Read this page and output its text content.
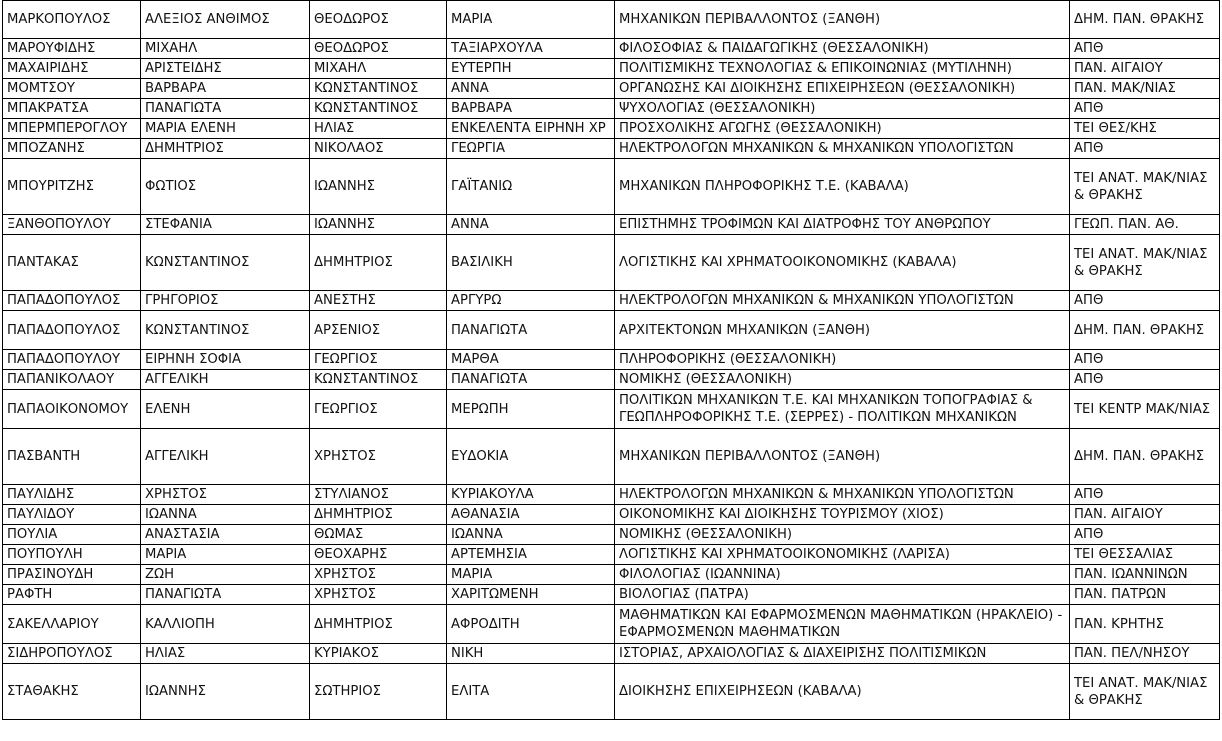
ΜΑΡΚΟΠΟΥΛΟΣ	ΑΛΕΞΙΟΣ ΑΝΘΙΜΟΣ	ΘΕΟΔΩΡΟΣ	ΜΑΡΙΑ	ΜΗΧΑΝΙΚΩΝ ΠΕΡΙΒΑΛΛΟΝΤΟΣ (ΞΑΝΘΗ)	ΔΗΜ. ΠΑΝ. ΘΡΑΚΗΣ
ΜΑΡΟΥΦΙΔΗΣ	ΜΙΧΑΗΛ	ΘΕΟΔΩΡΟΣ	ΤΑΞΙΑΡΧΟΥΛΑ	ΦΙΛΟΣΟΦΙΑΣ & ΠΑΙΔΑΓΩΓΙΚΗΣ (ΘΕΣΣΑΛΟΝΙΚΗ)	ΑΠΘ
ΜΑΧΑΙΡΙΔΗΣ	ΑΡΙΣΤΕΙΔΗΣ	ΜΙΧΑΗΛ	ΕΥΤΕΡΠΗ	ΠΟΛΙΤΙΣΜΙΚΗΣ ΤΕΧΝΟΛΟΓΙΑΣ & ΕΠΙΚΟΙΝΩΝΙΑΣ (ΜΥΤΙΛΗΝΗ)	ΠΑΝ. ΑΙΓΑΙΟΥ
ΜΟΜΤΣΟΥ	ΒΑΡΒΑΡΑ	ΚΩΝΣΤΑΝΤΙΝΟΣ	ΑΝΝΑ	ΟΡΓΑΝΩΣΗΣ ΚΑΙ ΔΙΟΙΚΗΣΗΣ ΕΠΙΧΕΙΡΗΣΕΩΝ (ΘΕΣΣΑΛΟΝΙΚΗ)	ΠΑΝ. ΜΑΚ/ΝΙΑΣ
ΜΠΑΚΡΑΤΣΑ	ΠΑΝΑΓΙΩΤΑ	ΚΩΝΣΤΑΝΤΙΝΟΣ	ΒΑΡΒΑΡΑ	ΨΥΧΟΛΟΓΙΑΣ (ΘΕΣΣΑΛΟΝΙΚΗ)	ΑΠΘ
ΜΠΕΡΜΠΕΡΟΓΛΟΥ	ΜΑΡΙΑ ΕΛΕΝΗ	ΗΛΙΑΣ	ΕΝΚΕΛΕΝΤΑ ΕΙΡΗΝΗ ΧΡ	ΠΡΟΣΧΟΛΙΚΗΣ ΑΓΩΓΗΣ (ΘΕΣΣΑΛΟΝΙΚΗ)	ΤΕΙ ΘΕΣ/ΚΗΣ
ΜΠΟΖΑΝΗΣ	ΔΗΜΗΤΡΙΟΣ	ΝΙΚΟΛΑΟΣ	ΓΕΩΡΓΙΑ	ΗΛΕΚΤΡΟΛΟΓΩΝ ΜΗΧΑΝΙΚΩΝ & ΜΗΧΑΝΙΚΩΝ ΥΠΟΛΟΓΙΣΤΩΝ	ΑΠΘ
ΜΠΟΥΡΙΤΖΗΣ	ΦΩΤΙΟΣ	ΙΩΑΝΝΗΣ	ΓΑΪΤΑΝΙΩ	ΜΗΧΑΝΙΚΩΝ ΠΛΗΡΟΦΟΡΙΚΗΣ Τ.Ε. (ΚΑΒΑΛΑ)	ΤΕΙ ΑΝΑΤ. ΜΑΚ/ΝΙΑΣ & ΘΡΑΚΗΣ
ΞΑΝΘΟΠΟΥΛΟΥ	ΣΤΕΦΑΝΙΑ	ΙΩΑΝΝΗΣ	ΑΝΝΑ	ΕΠΙΣΤΗΜΗΣ ΤΡΟΦΙΜΩΝ ΚΑΙ ΔΙΑΤΡΟΦΗΣ ΤΟΥ ΑΝΘΡΩΠΟΥ	ΓΕΩΠ. ΠΑΝ. ΑΘ.
ΠΑΝΤΑΚΑΣ	ΚΩΝΣΤΑΝΤΙΝΟΣ	ΔΗΜΗΤΡΙΟΣ	ΒΑΣΙΛΙΚΗ	ΛΟΓΙΣΤΙΚΗΣ ΚΑΙ ΧΡΗΜΑΤΟΟΙΚΟΝΟΜΙΚΗΣ (ΚΑΒΑΛΑ)	ΤΕΙ ΑΝΑΤ. ΜΑΚ/ΝΙΑΣ & ΘΡΑΚΗΣ
ΠΑΠΑΔΟΠΟΥΛΟΣ	ΓΡΗΓΟΡΙΟΣ	ΑΝΕΣΤΗΣ	ΑΡΓΥΡΩ	ΗΛΕΚΤΡΟΛΟΓΩΝ ΜΗΧΑΝΙΚΩΝ & ΜΗΧΑΝΙΚΩΝ ΥΠΟΛΟΓΙΣΤΩΝ	ΑΠΘ
ΠΑΠΑΔΟΠΟΥΛΟΣ	ΚΩΝΣΤΑΝΤΙΝΟΣ	ΑΡΣΕΝΙΟΣ	ΠΑΝΑΓΙΩΤΑ	ΑΡΧΙΤΕΚΤΟΝΩΝ ΜΗΧΑΝΙΚΩΝ (ΞΑΝΘΗ)	ΔΗΜ. ΠΑΝ. ΘΡΑΚΗΣ
ΠΑΠΑΔΟΠΟΥΛΟΥ	ΕΙΡΗΝΗ ΣΟΦΙΑ	ΓΕΩΡΓΙΟΣ	ΜΑΡΘΑ	ΠΛΗΡΟΦΟΡΙΚΗΣ (ΘΕΣΣΑΛΟΝΙΚΗ)	ΑΠΘ
ΠΑΠΑΝΙΚΟΛΑΟΥ	ΑΓΓΕΛΙΚΗ	ΚΩΝΣΤΑΝΤΙΝΟΣ	ΠΑΝΑΓΙΩΤΑ	ΝΟΜΙΚΗΣ (ΘΕΣΣΑΛΟΝΙΚΗ)	ΑΠΘ
ΠΑΠΑΟΙΚΟΝΟΜΟΥ	ΕΛΕΝΗ	ΓΕΩΡΓΙΟΣ	ΜΕΡΩΠΗ	ΠΟΛΙΤΙΚΩΝ ΜΗΧΑΝΙΚΩΝ Τ.Ε. ΚΑΙ ΜΗΧΑΝΙΚΩΝ ΤΟΠΟΓΡΑΦΙΑΣ & ΓΕΩΠΛΗΡΟΦΟΡΙΚΗΣ Τ.Ε. (ΣΕΡΡΕΣ) - ΠΟΛΙΤΙΚΩΝ ΜΗΧΑΝΙΚΩΝ	ΤΕΙ ΚΕΝΤΡ ΜΑΚ/ΝΙΑΣ
ΠΑΣΒΑΝΤΗ	ΑΓΓΕΛΙΚΗ	ΧΡΗΣΤΟΣ	ΕΥΔΟΚΙΑ	ΜΗΧΑΝΙΚΩΝ ΠΕΡΙΒΑΛΛΟΝΤΟΣ (ΞΑΝΘΗ)	ΔΗΜ. ΠΑΝ. ΘΡΑΚΗΣ
ΠΑΥΛΙΔΗΣ	ΧΡΗΣΤΟΣ	ΣΤΥΛΙΑΝΟΣ	ΚΥΡΙΑΚΟΥΛΑ	ΗΛΕΚΤΡΟΛΟΓΩΝ ΜΗΧΑΝΙΚΩΝ & ΜΗΧΑΝΙΚΩΝ ΥΠΟΛΟΓΙΣΤΩΝ	ΑΠΘ
ΠΑΥΛΙΔΟΥ	ΙΩΑΝΝΑ	ΔΗΜΗΤΡΙΟΣ	ΑΘΑΝΑΣΙΑ	ΟΙΚΟΝΟΜΙΚΗΣ ΚΑΙ ΔΙΟΙΚΗΣΗΣ ΤΟΥΡΙΣΜΟΥ (ΧΙΟΣ)	ΠΑΝ. ΑΙΓΑΙΟΥ
ΠΟΥΛΙΑ	ΑΝΑΣΤΑΣΙΑ	ΘΩΜΑΣ	ΙΩΑΝΝΑ	ΝΟΜΙΚΗΣ (ΘΕΣΣΑΛΟΝΙΚΗ)	ΑΠΘ
ΠΟΥΠΟΥΛΗ	ΜΑΡΙΑ	ΘΕΟΧΑΡΗΣ	ΑΡΤΕΜΗΣΙΑ	ΛΟΓΙΣΤΙΚΗΣ ΚΑΙ ΧΡΗΜΑΤΟΟΙΚΟΝΟΜΙΚΗΣ (ΛΑΡΙΣΑ)	ΤΕΙ ΘΕΣΣΑΛΙΑΣ
ΠΡΑΣΙΝΟΥΔΗ	ΖΩΗ	ΧΡΗΣΤΟΣ	ΜΑΡΙΑ	ΦΙΛΟΛΟΓΙΑΣ (ΙΩΑΝΝΙΝΑ)	ΠΑΝ. ΙΩΑΝΝΙΝΩΝ
ΡΑΦΤΗ	ΠΑΝΑΓΙΩΤΑ	ΧΡΗΣΤΟΣ	ΧΑΡΙΤΩΜΕΝΗ	ΒΙΟΛΟΓΙΑΣ (ΠΑΤΡΑ)	ΠΑΝ. ΠΑΤΡΩΝ
ΣΑΚΕΛΛΑΡΙΟΥ	ΚΑΛΛΙΟΠΗ	ΔΗΜΗΤΡΙΟΣ	ΑΦΡΟΔΙΤΗ	ΜΑΘΗΜΑΤΙΚΩΝ ΚΑΙ ΕΦΑΡΜΟΣΜΕΝΩΝ ΜΑΘΗΜΑΤΙΚΩΝ (ΗΡΑΚΛΕΙΟ) - ΕΦΑΡΜΟΣΜΕΝΩΝ ΜΑΘΗΜΑΤΙΚΩΝ	ΠΑΝ. ΚΡΗΤΗΣ
ΣΙΔΗΡΟΠΟΥΛΟΣ	ΗΛΙΑΣ	ΚΥΡΙΑΚΟΣ	ΝΙΚΗ	ΙΣΤΟΡΙΑΣ, ΑΡΧΑΙΟΛΟΓΙΑΣ & ΔΙΑΧΕΙΡΙΣΗΣ ΠΟΛΙΤΙΣΜΙΚΩΝ	ΠΑΝ. ΠΕΛ/ΝΗΣΟΥ
ΣΤΑΘΑΚΗΣ	ΙΩΑΝΝΗΣ	ΣΩΤΗΡΙΟΣ	ΕΛΙΤΑ	ΔΙΟΙΚΗΣΗΣ ΕΠΙΧΕΙΡΗΣΕΩΝ (ΚΑΒΑΛΑ)	ΤΕΙ ΑΝΑΤ. ΜΑΚ/ΝΙΑΣ & ΘΡΑΚΗΣ
